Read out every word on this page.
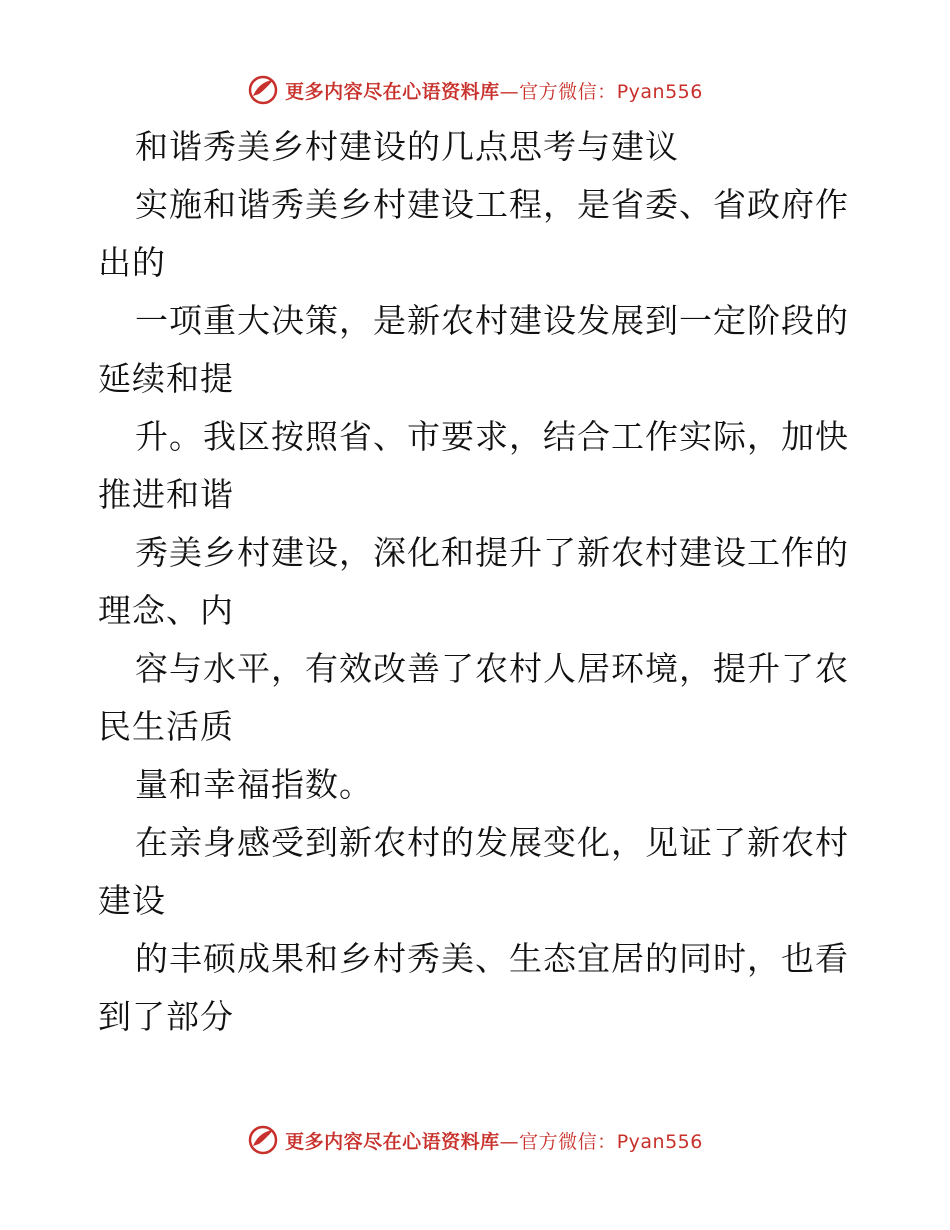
更多内容尽在心语资料库—官方微信：Pyan556
和谐秀美乡村建设的几点思考与建议
实施和谐秀美乡村建设工程，是省委、省政府作
出的
一项重大决策，是新农村建设发展到一定阶段的
延续和提
升。我区按照省、市要求，结合工作实际，加快
推进和谐
秀美乡村建设，深化和提升了新农村建设工作的
理念、内
容与水平，有效改善了农村人居环境，提升了农
民生活质
量和幸福指数。
在亲身感受到新农村的发展变化，见证了新农村
建设
的丰硕成果和乡村秀美、生态宜居的同时，也看
到了部分
更多内容尽在心语资料库—官方微信：Pyan556
